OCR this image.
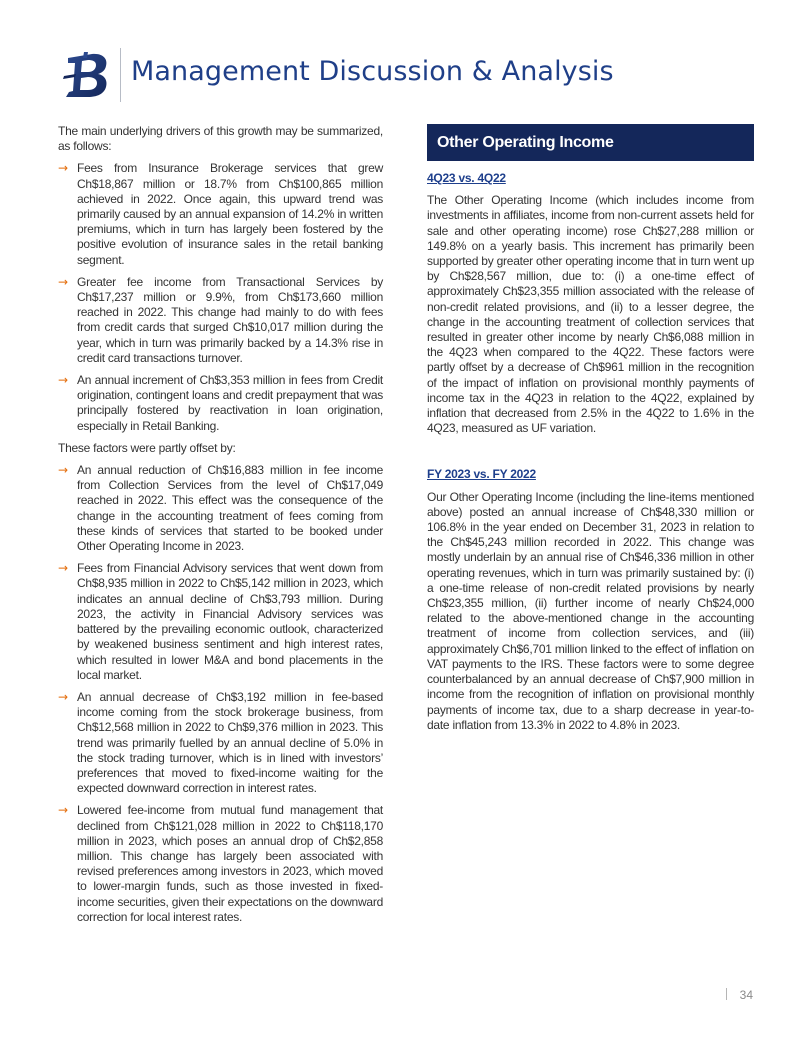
Management Discussion & Analysis

The main underlying drivers of this growth may be summarized, as follows:

→ Fees from Insurance Brokerage services that grew Ch$18,867 million or 18.7% from Ch$100,865 million achieved in 2022. Once again, this upward trend was primarily caused by an annual expansion of 14.2% in written premiums, which in turn has largely been fostered by the positive evolution of insurance sales in the retail banking segment.
→ Greater fee income from Transactional Services by Ch$17,237 million or 9.9%, from Ch$173,660 million reached in 2022. This change had mainly to do with fees from credit cards that surged Ch$10,017 million during the year, which in turn was primarily backed by a 14.3% rise in credit card transactions turnover.
→ An annual increment of Ch$3,353 million in fees from Credit origination, contingent loans and credit prepayment that was principally fostered by reactivation in loan origination, especially in Retail Banking.

These factors were partly offset by:

→ An annual reduction of Ch$16,883 million in fee income from Collection Services from the level of Ch$17,049 reached in 2022. This effect was the consequence of the change in the accounting treatment of fees coming from these kinds of services that started to be booked under Other Operating Income in 2023.
→ Fees from Financial Advisory services that went down from Ch$8,935 million in 2022 to Ch$5,142 million in 2023, which indicates an annual decline of Ch$3,793 million. During 2023, the activity in Financial Advisory services was battered by the prevailing economic outlook, characterized by weakened business sentiment and high interest rates, which resulted in lower M&A and bond placements in the local market.
→ An annual decrease of Ch$3,192 million in fee-based income coming from the stock brokerage business, from Ch$12,568 million in 2022 to Ch$9,376 million in 2023. This trend was primarily fuelled by an annual decline of 5.0% in the stock trading turnover, which is in lined with investors’ preferences that moved to fixed-income waiting for the expected downward correction in interest rates.
→ Lowered fee-income from mutual fund management that declined from Ch$121,028 million in 2022 to Ch$118,170 million in 2023, which poses an annual drop of Ch$2,858 million. This change has largely been associated with revised preferences among investors in 2023, which moved to lower-margin funds, such as those invested in fixed-income securities, given their expectations on the downward correction for local interest rates.
Other Operating Income
4Q23 vs. 4Q22

The Other Operating Income (which includes income from investments in affiliates, income from non-current assets held for sale and other operating income) rose Ch$27,288 million or 149.8% on a yearly basis. This increment has primarily been supported by greater other operating income that in turn went up by Ch$28,567 million, due to: (i) a one-time effect of approximately Ch$23,355 million associated with the release of non-credit related provisions, and (ii) to a lesser degree, the change in the accounting treatment of collection services that resulted in greater other income by nearly Ch$6,088 million in the 4Q23 when compared to the 4Q22. These factors were partly offset by a decrease of Ch$961 million in the recognition of the impact of inflation on provisional monthly payments of income tax in the 4Q23 in relation to the 4Q22, explained by inflation that decreased from 2.5% in the 4Q22 to 1.6% in the 4Q23, measured as UF variation.

FY 2023 vs. FY 2022

Our Other Operating Income (including the line-items mentioned above) posted an annual increase of Ch$48,330 million or 106.8% in the year ended on December 31, 2023 in relation to the Ch$45,243 million recorded in 2022. This change was mostly underlain by an annual rise of Ch$46,336 million in other operating revenues, which in turn was primarily sustained by: (i) a one-time release of non-credit related provisions by nearly Ch$23,355 million, (ii) further income of nearly Ch$24,000 related to the above-mentioned change in the accounting treatment of income from collection services, and (iii) approximately Ch$6,701 million linked to the effect of inflation on VAT payments to the IRS. These factors were to some degree counterbalanced by an annual decrease of Ch$7,900 million in income from the recognition of inflation on provisional monthly payments of income tax, due to a sharp decrease in year-to-date inflation from 13.3% in 2022 to 4.8% in 2023.

34
